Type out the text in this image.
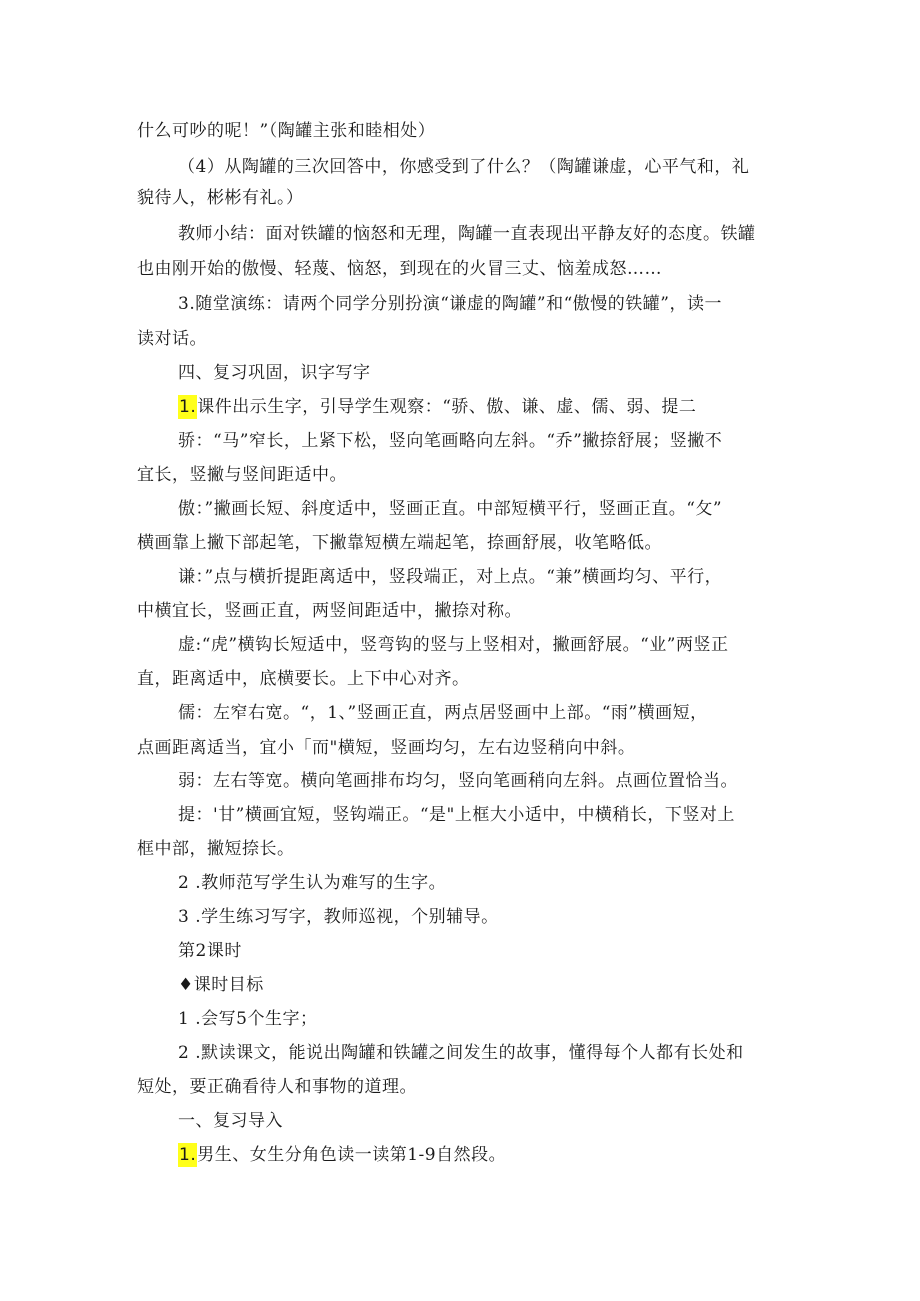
什么可吵的呢！”（陶罐主张和睦相处）
（4）从陶罐的三次回答中，你感受到了什么？（陶罐谦虚，心平气和，礼
貌待人，彬彬有礼。）
教师小结：面对铁罐的恼怒和无理，陶罐一直表现出平静友好的态度。铁罐
也由刚开始的傲慢、轻蔑、恼怒，到现在的火冒三丈、恼羞成怒……
3.随堂演练：请两个同学分别扮演“谦虚的陶罐”和“傲慢的铁罐”，读一
读对话。
四、复习巩固，识字写字
1.课件出示生字，引导学生观察：“骄、傲、谦、虚、儒、弱、提二
骄：“马”窄长，上紧下松，竖向笔画略向左斜。“乔”撇捺舒展；竖撇不
宜长，竖撇与竖间距适中。
傲：”撇画长短、斜度适中，竖画正直。中部短横平行，竖画正直。“攵”
横画靠上撇下部起笔，下撇靠短横左端起笔，捺画舒展，收笔略低。
谦：”点与横折提距离适中，竖段端正，对上点。“兼”横画均匀、平行，
中横宜长，竖画正直，两竖间距适中，撇捺对称。
虚:“虎”横钩长短适中，竖弯钩的竖与上竖相对，撇画舒展。“业”两竖正
直，距离适中，底横要长。上下中心对齐。
儒：左窄右宽。“，1、”竖画正直，两点居竖画中上部。“雨”横画短，
点画距离适当，宜小「而"横短，竖画均匀，左右边竖稍向中斜。
弱：左右等宽。横向笔画排布均匀，竖向笔画稍向左斜。点画位置恰当。
提：'甘”横画宜短，竖钩端正。“是"上框大小适中，中横稍长，下竖对上
框中部，撇短捺长。
2 .教师范写学生认为难写的生字。
3 .学生练习写字，教师巡视，个别辅导。
第2课时
♦课时目标
1 .会写5个生字；
2 .默读课文，能说出陶罐和铁罐之间发生的故事，懂得每个人都有长处和
短处，要正确看待人和事物的道理。
一、复习导入
1.男生、女生分角色读一读第1-9自然段。
